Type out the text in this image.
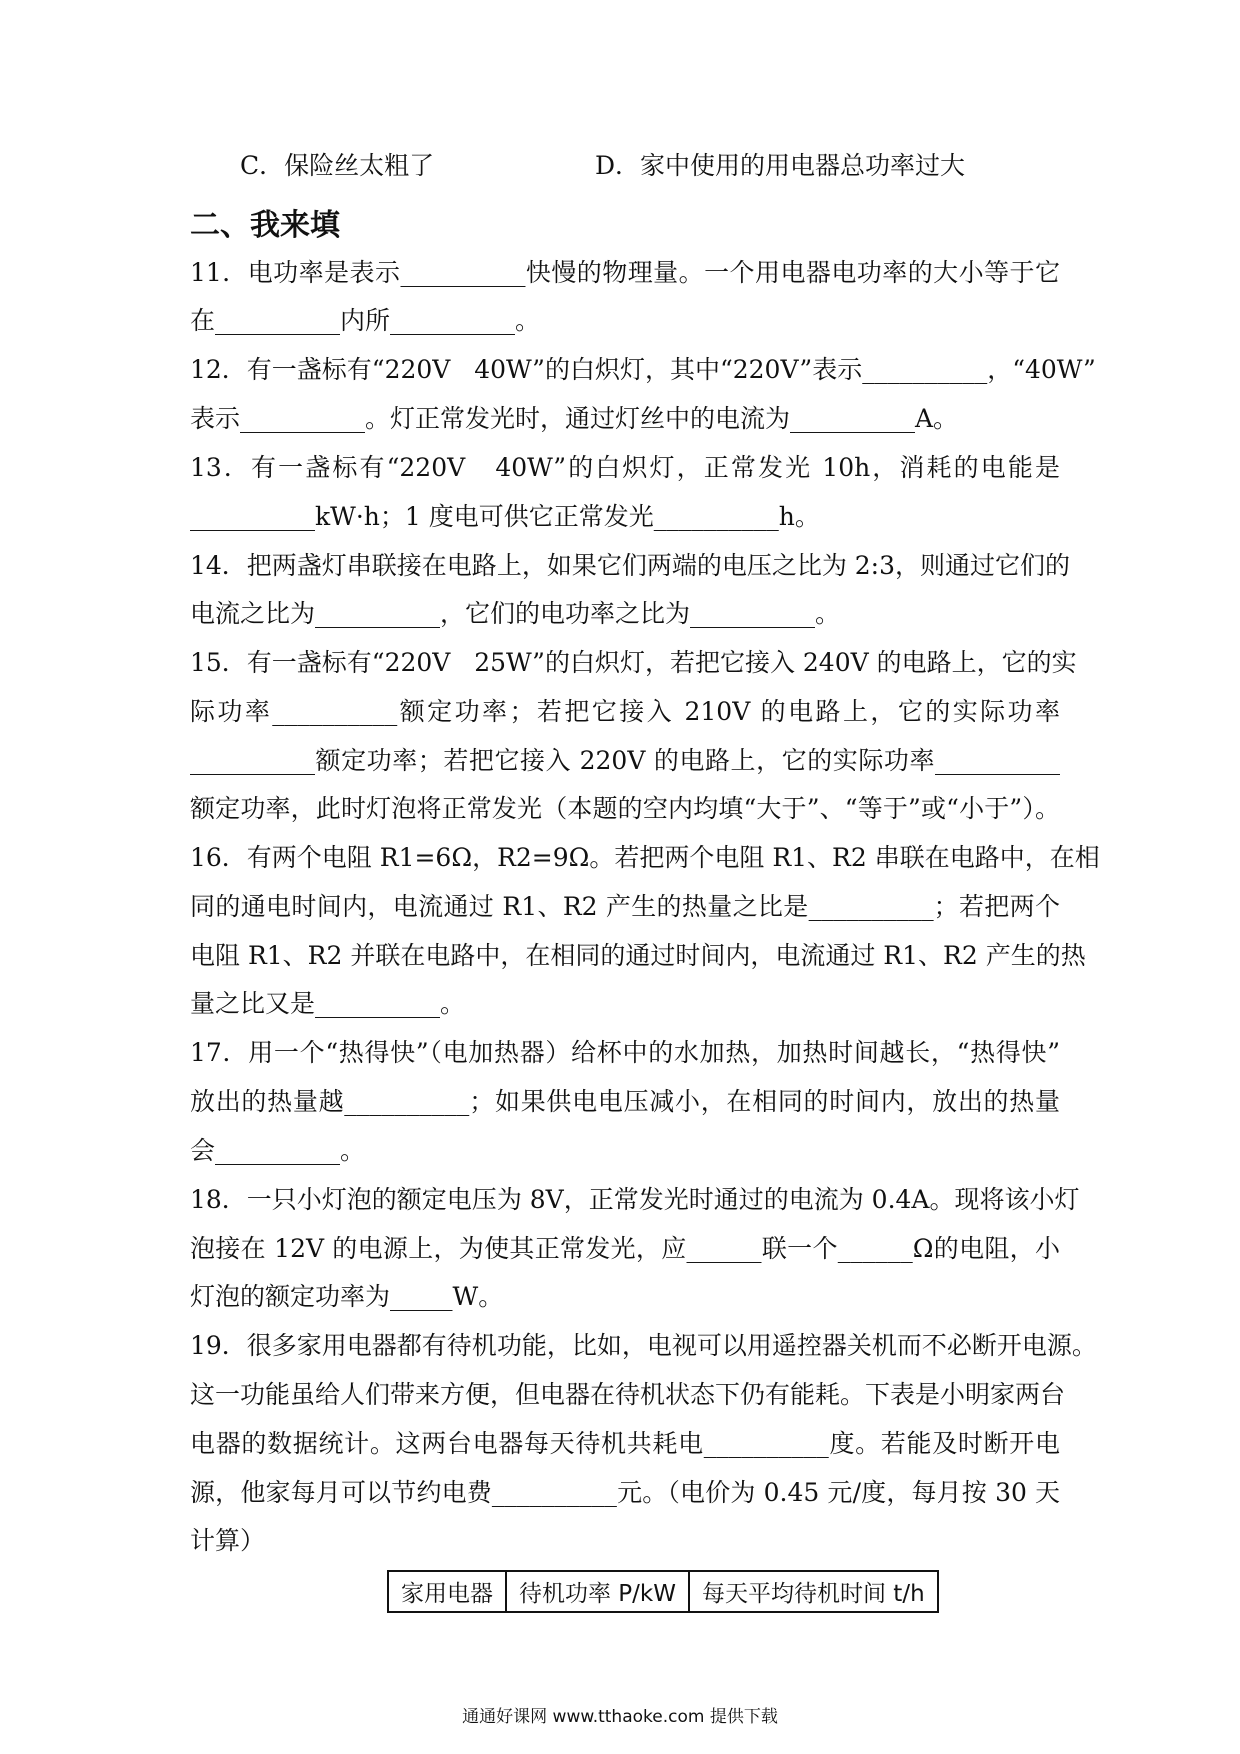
C．保险丝太粗了	D．家中使用的用电器总功率过大
二、我来填
11．电功率是表示__________快慢的物理量。一个用电器电功率的大小等于它
在__________内所__________。
12．有一盏标有“220V   40W”的白炽灯，其中“220V”表示__________，“40W”
表示__________。灯正常发光时，通过灯丝中的电流为__________A。
13．有一盏标有“220V   40W”的白炽灯，正常发光 10h，消耗的电能是
__________kW·h；1 度电可供它正常发光__________h。
14．把两盏灯串联接在电路上，如果它们两端的电压之比为 2:3，则通过它们的
电流之比为__________，它们的电功率之比为__________。
15．有一盏标有“220V   25W”的白炽灯，若把它接入 240V 的电路上，它的实
际功率__________额定功率；若把它接入 210V 的电路上，它的实际功率
__________额定功率；若把它接入 220V 的电路上，它的实际功率__________
额定功率，此时灯泡将正常发光（本题的空内均填“大于”、“等于”或“小于”）。
16．有两个电阻 R1=6Ω，R2=9Ω。若把两个电阻 R1、R2 串联在电路中，在相
同的通电时间内，电流通过 R1、R2 产生的热量之比是__________；若把两个
电阻 R1、R2 并联在电路中，在相同的通过时间内，电流通过 R1、R2 产生的热
量之比又是__________。
17．用一个“热得快”（电加热器）给杯中的水加热，加热时间越长，“热得快”
放出的热量越__________；如果供电电压减小，在相同的时间内，放出的热量
会__________。
18．一只小灯泡的额定电压为 8V，正常发光时通过的电流为 0.4A。现将该小灯
泡接在 12V 的电源上，为使其正常发光，应______联一个______Ω的电阻，小
灯泡的额定功率为_____W。
19．很多家用电器都有待机功能，比如，电视可以用遥控器关机而不必断开电源。
这一功能虽给人们带来方便，但电器在待机状态下仍有能耗。下表是小明家两台
电器的数据统计。这两台电器每天待机共耗电__________度。若能及时断开电
源，他家每月可以节约电费__________元。（电价为 0.45 元/度，每月按 30 天
计算）
家用电器	待机功率 P/kW	每天平均待机时间 t/h
通通好课网 www.tthaoke.com 提供下载
